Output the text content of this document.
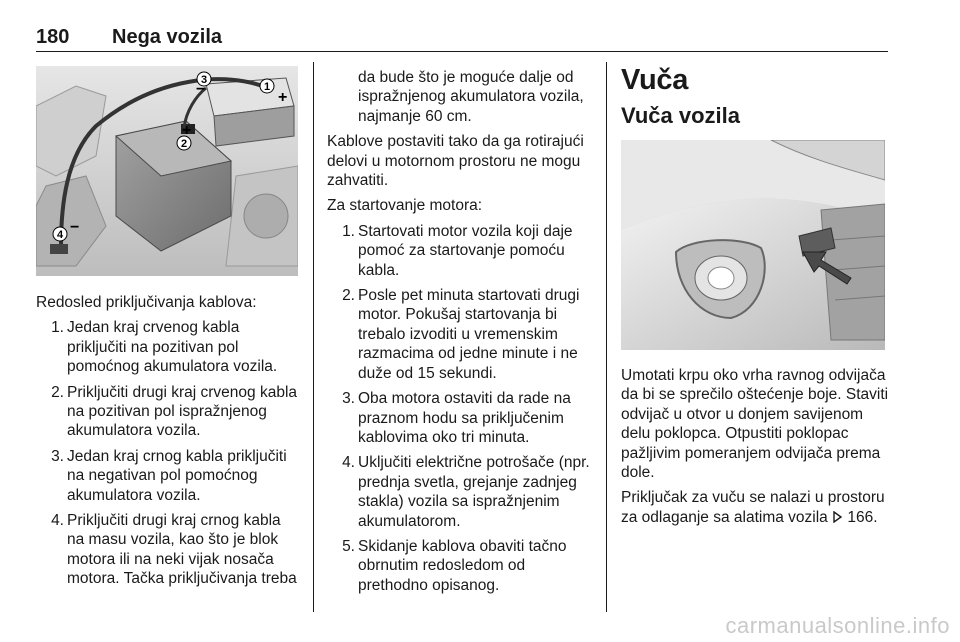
180 Nega vozila
3
1
2
4
+
+
−
−

Redosled priključivanja kablova:

1. Jedan kraj crvenog kabla priključiti na pozitivan pol pomoćnog akumulatora vozila.
2. Priključiti drugi kraj crvenog kabla na pozitivan pol ispražnjenog akumulatora vozila.
3. Jedan kraj crnog kabla priključiti na negativan pol pomoćnog akumulatora vozila.
4. Priključiti drugi kraj crnog kabla na masu vozila, kao što je blok motora ili na neki vijak nosača motora. Tačka priključivanja treba

da bude što je moguće dalje od ispražnjenog akumulatora vozila, najmanje 60 cm.

Kablove postaviti tako da ga rotirajući delovi u motornom prostoru ne mogu zahvatiti.

Za startovanje motora:

1. Startovati motor vozila koji daje pomoć za startovanje pomoću kabla.
2. Posle pet minuta startovati drugi motor. Pokušaj startovanja bi trebalo izvoditi u vremenskim razmacima od jedne minute i ne duže od 15 sekundi.
3. Oba motora ostaviti da rade na praznom hodu sa priključenim kablovima oko tri minuta.
4. Uključiti električne potrošače (npr. prednja svetla, grejanje zadnjeg stakla) vozila sa ispražnjenim akumulatorom.
5. Skidanje kablova obaviti tačno obrnutim redosledom od prethodno opisanog.
Vuča
Vuča vozila

Umotati krpu oko vrha ravnog odvijača da bi se sprečilo oštećenje boje. Staviti odvijač u otvor u donjem savijenom delu poklopca. Otpustiti poklopac pažljivim pomeranjem odvijača prema dole.

Priključak za vuču se nalazi u prostoru za odlaganje sa alatima vozila 166.

carmanualsonline.info
